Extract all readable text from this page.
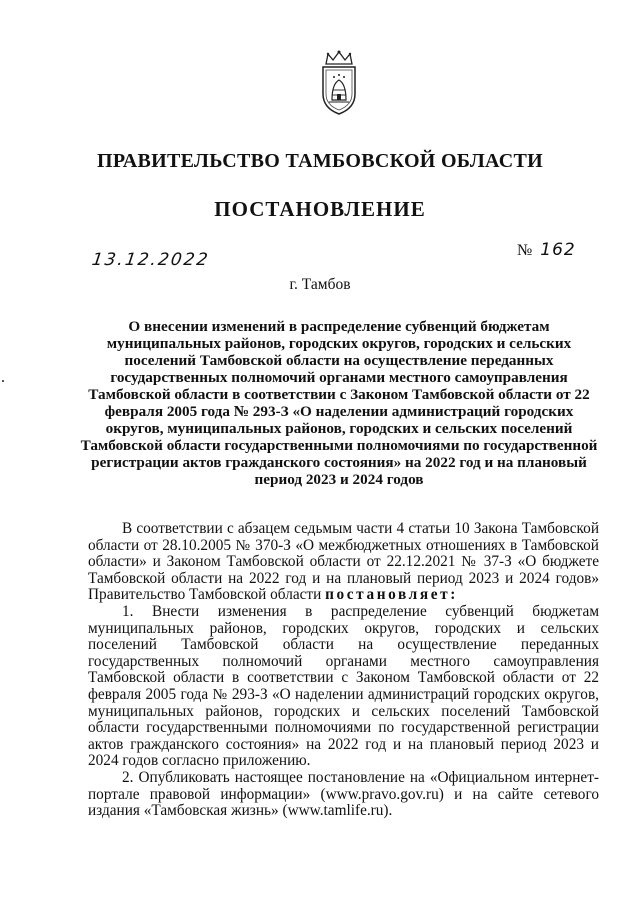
ПРАВИТЕЛЬСТВО ТАМБОВСКОЙ ОБЛАСТИ
ПОСТАНОВЛЕНИЕ
13.12.2022	№ 162
г. Тамбов
О внесении изменений в распределение субвенций бюджетам муниципальных районов, городских округов, городских и сельских поселений Тамбовской области на осуществление переданных государственных полномочий органами местного самоуправления Тамбовской области в соответствии с Законом Тамбовской области от 22 февраля 2005 года № 293-З «О наделении администраций городских округов, муниципальных районов, городских и сельских поселений Тамбовской области государственными полномочиями по государственной регистрации актов гражданского состояния» на 2022 год и на плановый период 2023 и 2024 годов

В соответствии с абзацем седьмым части 4 статьи 10 Закона Тамбовской области от 28.10.2005 № 370-З «О межбюджетных отношениях в Тамбовской области» и Законом Тамбовской области от 22.12.2021 № 37-З «О бюджете Тамбовской области на 2022 год и на плановый период 2023 и 2024 годов» Правительство Тамбовской области постановляет:

1. Внести изменения в распределение субвенций бюджетам муниципальных районов, городских округов, городских и сельских поселений Тамбовской области на осуществление переданных государственных полномочий органами местного самоуправления Тамбовской области в соответствии с Законом Тамбовской области от 22 февраля 2005 года № 293-З «О наделении администраций городских округов, муниципальных районов, городских и сельских поселений Тамбовской области государственными полномочиями по государственной регистрации актов гражданского состояния» на 2022 год и на плановый период 2023 и 2024 годов согласно приложению.

2. Опубликовать настоящее постановление на «Официальном интернет-портале правовой информации» (www.pravo.gov.ru) и на сайте сетевого издания «Тамбовская жизнь» (www.tamlife.ru).
